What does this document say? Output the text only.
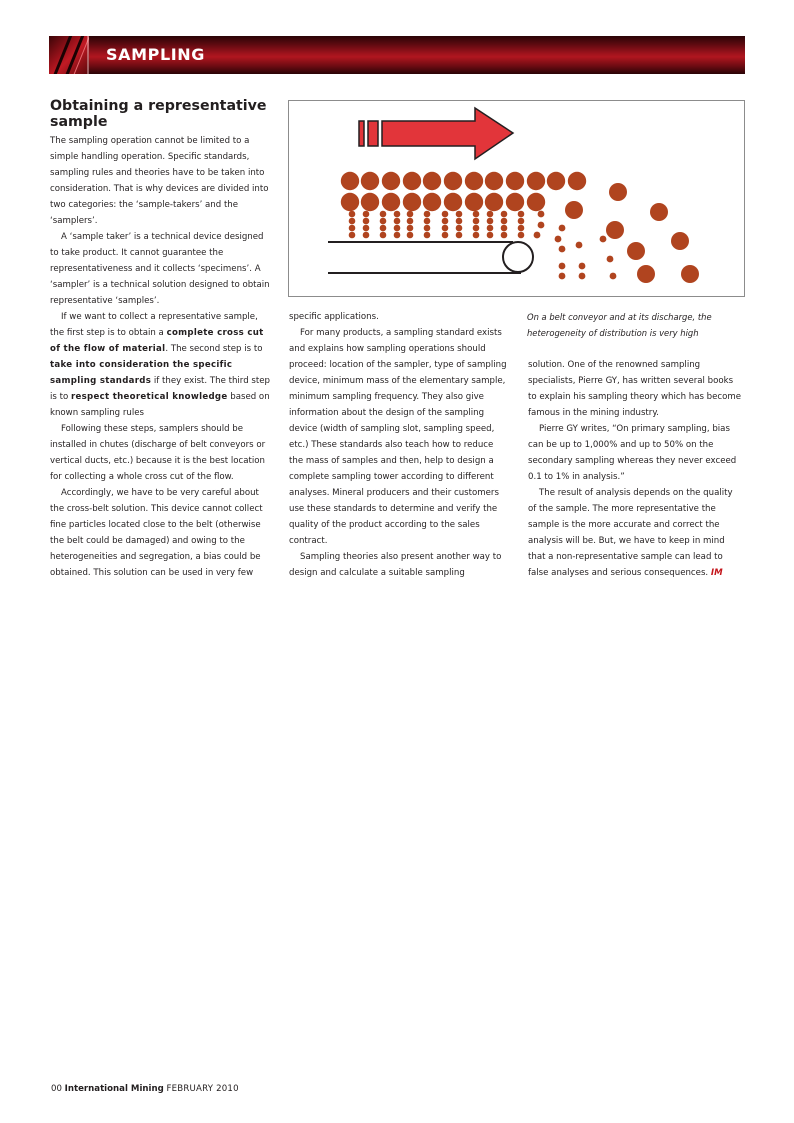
SAMPLING
Obtaining a representative sample

The sampling operation cannot be limited to a simple handling operation. Specific standards, sampling rules and theories have to be taken into consideration. That is why devices are divided into two categories: the ‘sample-takers’ and the ‘samplers’.

A ‘sample taker’ is a technical device designed to take product. It cannot guarantee the representativeness and it collects ‘specimens’. A ‘sampler’ is a technical solution designed to obtain representative ‘samples’.

If we want to collect a representative sample, the first step is to obtain a complete cross cut of the flow of material. The second step is to take into consideration the specific sampling standards if they exist. The third step is to respect theoretical knowledge based on known sampling rules

Following these steps, samplers should be installed in chutes (discharge of belt conveyors or vertical ducts, etc.) because it is the best location for collecting a whole cross cut of the flow.

Accordingly, we have to be very careful about the cross-belt solution. This device cannot collect fine particles located close to the belt (otherwise the belt could be damaged) and owing to the heterogeneities and segregation, a bias could be obtained. This solution can be used in very few

On a belt conveyor and at its discharge, the heterogeneity of distribution is very high

specific applications.

For many products, a sampling standard exists and explains how sampling operations should proceed: location of the sampler, type of sampling device, minimum mass of the elementary sample, minimum sampling frequency. They also give information about the design of the sampling device (width of sampling slot, sampling speed, etc.) These standards also teach how to reduce the mass of samples and then, help to design a complete sampling tower according to different analyses. Mineral producers and their customers use these standards to determine and verify the quality of the product according to the sales contract.

Sampling theories also present another way to design and calculate a suitable sampling

solution. One of the renowned sampling specialists, Pierre GY, has written several books to explain his sampling theory which has become famous in the mining industry.

Pierre GY writes, “On primary sampling, bias can be up to 1,000% and up to 50% on the secondary sampling whereas they never exceed 0.1 to 1% in analysis.”

The result of analysis depends on the quality of the sample. The more representative the sample is the more accurate and correct the analysis will be. But, we have to keep in mind that a non-representative sample can lead to false analyses and serious consequences. IM

00 International Mining FEBRUARY 2010
